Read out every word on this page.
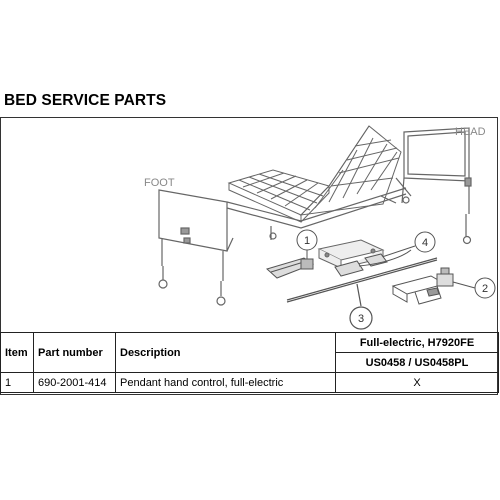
BED SERVICE PARTS
1	4
3
2
HEAD
FOOT
Item	Part number	Description	Full-electric, H7920FE
			US0458 / US0458PL
1	690-2001-414	Pendant hand control, full-electric	X
